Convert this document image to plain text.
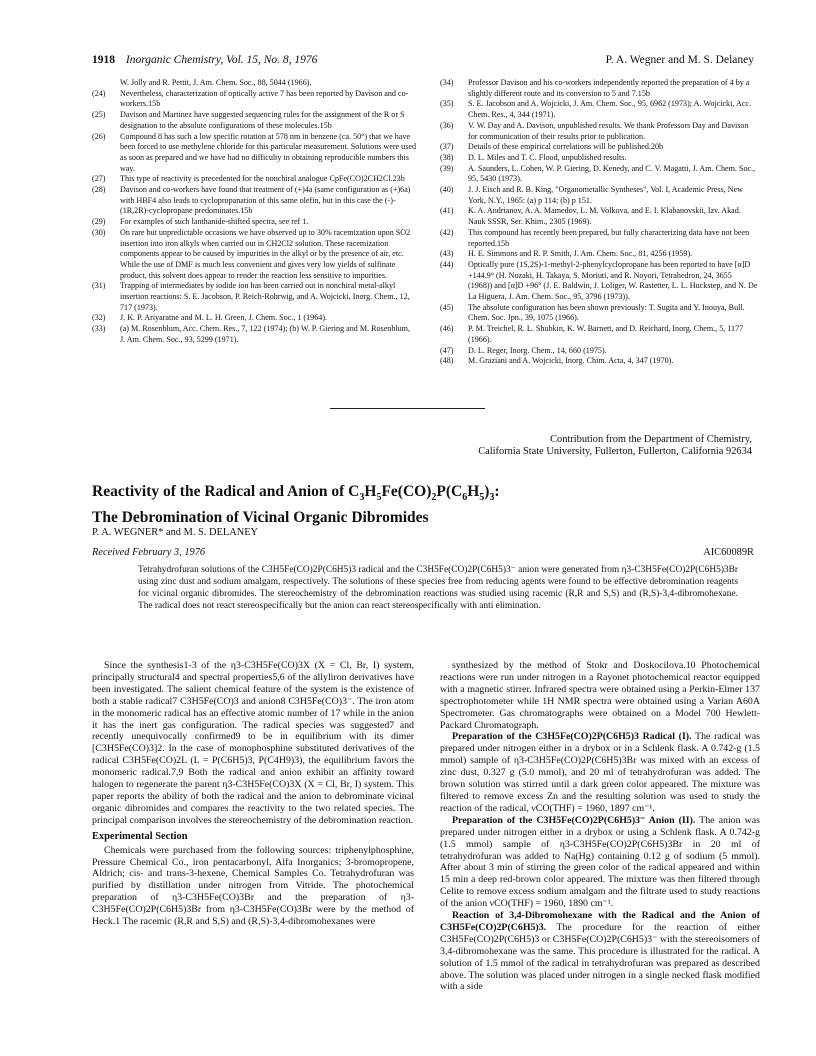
1918 Inorganic Chemistry, Vol. 15, No. 8, 1976	P. A. Wegner and M. S. Delaney
W. Jolly and R. Pettit, J. Am. Chem. Soc., 88, 5044 (1966).
(24)	Nevertheless, characterization of optically active 7 has been reported by Davison and co-workers.15b
(25)	Davison and Martinez have suggested sequencing rules for the assignment of the R or S designation to the absolute configurations of these molecules.15b
(26)	Compound 8 has such a low specific rotation at 578 nm in benzene (ca. 50°) that we have been forced to use methylene chloride for this particular measurement. Solutions were used as soon as prepared and we have had no difficulty in obtaining reproducible numbers this way.
(27)	This type of reactivity is precedented for the nonchiral analogue CpFe(CO)2CH2Cl.23b
(28)	Davison and co-workers have found that treatment of (+)4a (same configuration as (+)6a) with HBF4 also leads to cyclopropanation of this same olefin, but in this case the (-)-(1R,2R)-cyclopropane predominates.15b
(29)	For examples of such lanthanide-shifted spectra, see ref 1.
(30)	On rare but unpredictable occasions we have observed up to 30% racemization upon SO2 insertion into iron alkyls when carried out in CH2Cl2 solution. These racemization components appear to be caused by impurities in the alkyl or by the presence of air, etc. While the use of DMF is much less convenient and gives very low yields of sulfinate product, this solvent does appear to render the reaction less sensitive to impurities.
(31)	Trapping of intermediates by iodide ion has been carried out in nonchiral metal-alkyl insertion reactions: S. E. Jacobson, P. Reich-Rohrwig, and A. Wojcicki, Inorg. Chem., 12, 717 (1973).
(32)	J. K. P. Ariyaratne and M. L. H. Green, J. Chem. Soc., 1 (1964).
(33)	(a) M. Rosenblum, Acc. Chem. Res., 7, 122 (1974); (b) W. P. Giering and M. Rosenblum, J. Am. Chem. Soc., 93, 5299 (1971).
(34)	Professor Davison and his co-workers independently reported the preparation of 4 by a slightly different route and its conversion to 5 and 7.15b
(35)	S. E. Jacobson and A. Wojcicki, J. Am. Chem. Soc., 95, 6962 (1973); A. Wojcicki, Acc. Chem. Res., 4, 344 (1971).
(36)	V. W. Day and A. Davison, unpublished results. We thank Professors Day and Davison for communication of their results prior to publication.
(37)	Details of these empirical correlations will be published.20b
(38)	D. L. Miles and T. C. Flood, unpublished results.
(39)	A. Saunders, L. Cohen, W. P. Giering, D. Kenedy, and C. V. Magatti, J. Am. Chem. Soc., 95, 5430 (1973).
(40)	J. J. Eisch and R. B. King, "Organometallic Syntheses", Vol. I, Academic Press, New York, N.Y., 1965: (a) p 114; (b) p 151.
(41)	K. A. Andrianov, A. A. Mamedov, L. M. Volkova, and E. I. Klabanovskii, Izv. Akad. Nauk SSSR, Ser. Khim., 2305 (1969).
(42)	This compound has recently been prepared, but fully characterizing data have not been reported.15b
(43)	H. E. Simmons and R. P. Smith, J. Am. Chem. Soc., 81, 4256 (1959).
(44)	Optically pure (1S,2S)-1-methyl-2-phenylcyclopropane has been reported to have [α]D +144.9° (H. Nozaki, H. Takaya, S. Moriuti, and R. Noyori, Tetrahedron, 24, 3655 (1968)) and [α]D +96° (J. E. Baldwin, J. Loliger, W. Rastetter, L. L. Huckstep, and N. De La Higuera, J. Am. Chem. Soc., 95, 3796 (1973)).
(45)	The absolute configuration has been shown previously: T. Sugita and Y. Inouya, Bull. Chem. Soc. Jpn., 39, 1075 (1966).
(46)	P. M. Treichel, R. L. Shubkin, K. W. Barnett, and D. Reichard, Inorg. Chem., 5, 1177 (1966).
(47)	D. L. Reger, Inorg. Chem., 14, 660 (1975).
(48)	M. Graziani and A. Wojcicki, Inorg. Chim. Acta, 4, 347 (1970).
Contribution from the Department of Chemistry,
California State University, Fullerton, Fullerton, California 92634
Reactivity of the Radical and Anion of $C_3H_5Fe(CO)_2P(C_6H_5)_3$:
The Debromination of Vicinal Organic Dibromides
P. A. WEGNER* and M. S. DELANEY
Received February 3, 1976	AIC60089R
Tetrahydrofuran solutions of the C3H5Fe(CO)2P(C6H5)3 radical and the C3H5Fe(CO)2P(C6H5)3⁻ anion were generated from η3-C3H5Fe(CO)2P(C6H5)3Br using zinc dust and sodium amalgam, respectively. The solutions of these species free from reducing agents were found to be effective debromination reagents for vicinal organic dibromides. The stereochemistry of the debromination reactions was studied using racemic (R,R and S,S) and (R,S)-3,4-dibromohexane. The radical does not react stereospecifically but the anion can react stereospecifically with anti elimination.

Since the synthesis1-3 of the η3-C3H5Fe(CO)3X (X = Cl, Br, I) system, principally structural4 and spectral properties5,6 of the allyliron derivatives have been investigated. The salient chemical feature of the system is the existence of both a stable radical7 C3H5Fe(CO)3 and anion8 C3H5Fe(CO)3⁻. The iron atom in the monomeric radical has an effective atomic number of 17 while in the anion it has the inert gas configuration. The radical species was suggested7 and recently unequivocally confirmed9 to be in equilibrium with its dimer [C3H5Fe(CO)3]2. In the case of monophosphine substituted derivatives of the radical C3H5Fe(CO)2L (L = P(C6H5)3, P(C4H9)3), the equilibrium favors the monomeric radical.7,9 Both the radical and anion exhibit an affinity toward halogen to regenerate the parent η3-C3H5Fe(CO)3X (X = Cl, Br, I) system. This paper reports the ability of both the radical and the anion to debrominate vicinal organic dibromides and compares the reactivity to the two related species. The principal comparison involves the stereochemistry of the debromination reaction.

Experimental Section

Chemicals were purchased from the following sources: triphenylphosphine, Pressure Chemical Co., iron pentacarbonyl, Alfa Inorganics; 3-bromopropene, Aldrich; cis- and trans-3-hexene, Chemical Samples Co. Tetrahydrofuran was purified by distillation under nitrogen from Vitride. The photochemical preparation of η3-C3H5Fe(CO)3Br and the preparation of η3-C3H5Fe(CO)2P(C6H5)3Br from η3-C3H5Fe(CO)3Br were by the method of Heck.1 The racemic (R,R and S,S) and (R,S)-3,4-dibromohexanes were

synthesized by the method of Stokr and Doskocilova.10 Photochemical reactions were run under nitrogen in a Rayonet photochemical reactor equipped with a magnetic stirrer. Infrared spectra were obtained using a Perkin-Elmer 137 spectrophotometer while 1H NMR spectra were obtained using a Varian A60A Spectrometer. Gas chromatographs were obtained on a Model 700 Hewlett-Packard Chromatograph.

Preparation of the C3H5Fe(CO)2P(C6H5)3 Radical (I). The radical was prepared under nitrogen either in a drybox or in a Schlenk flask. A 0.742-g (1.5 mmol) sample of η3-C3H5Fe(CO)2P(C6H5)3Br was mixed with an excess of zinc dust, 0.327 g (5.0 mmol), and 20 ml of tetrahydrofuran was added. The brown solution was stirred until a dark green color appeared. The mixture was filtered to remove excess Zn and the resulting solution was used to study the reaction of the radical, νCO(THF) = 1960, 1897 cm⁻¹.

Preparation of the C3H5Fe(CO)2P(C6H5)3⁻ Anion (II). The anion was prepared under nitrogen either in a drybox or using a Schlenk flask. A 0.742-g (1.5 mmol) sample of η3-C3H5Fe(CO)2P(C6H5)3Br in 20 ml of tetrahydrofuran was added to Na(Hg) containing 0.12 g of sodium (5 mmol). After about 3 min of stirring the green color of the radical appeared and within 15 min a deep red-brown color appeared. The mixture was then filtered through Celite to remove excess sodium amalgam and the filtrate used to study reactions of the anion νCO(THF) = 1960, 1890 cm⁻¹.

Reaction of 3,4-Dibromohexane with the Radical and the Anion of C3H5Fe(CO)2P(C6H5)3. The procedure for the reaction of either C3H5Fe(CO)2P(C6H5)3 or C3H5Fe(CO)2P(C6H5)3⁻ with the stereoisomers of 3,4-dibromohexane was the same. This procedure is illustrated for the radical. A solution of 1.5 mmol of the radical in tetrahydrofuran was prepared as described above. The solution was placed under nitrogen in a single necked flask modified with a side
